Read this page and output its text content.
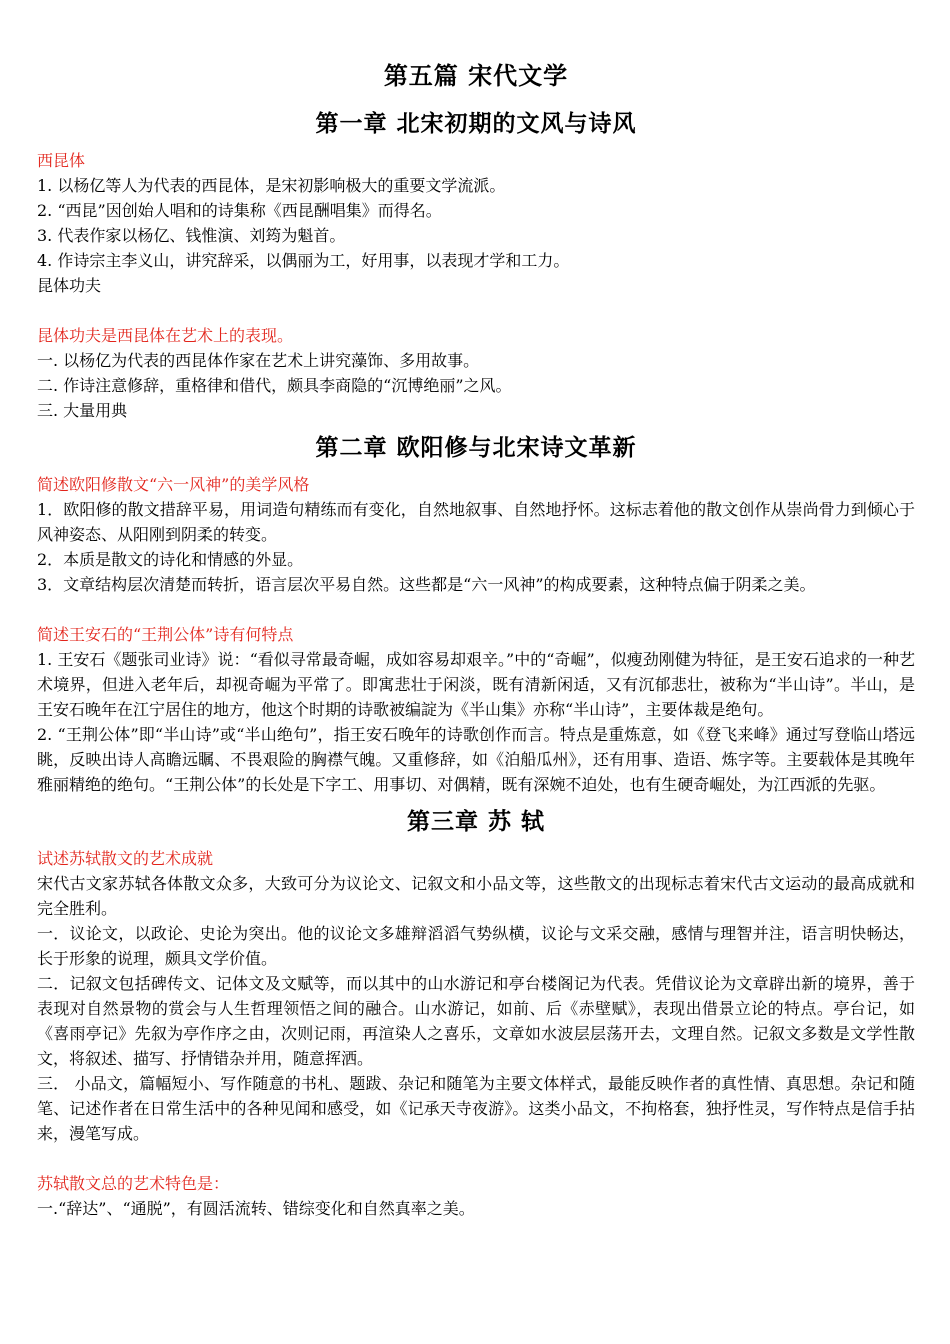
第五篇 宋代文学
第一章 北宋初期的文风与诗风
西昆体
1. 以杨亿等人为代表的西昆体，是宋初影响极大的重要文学流派。
2. “西昆”因创始人唱和的诗集称《西昆酬唱集》而得名。
3. 代表作家以杨亿、钱惟演、刘筠为魁首。
4. 作诗宗主李义山，讲究辞采，以偶丽为工，好用事，以表现才学和工力。
昆体功夫
昆体功夫是西昆体在艺术上的表现。
一. 以杨亿为代表的西昆体作家在艺术上讲究藻饰、多用故事。
二. 作诗注意修辞，重格律和借代，颇具李商隐的“沉博绝丽”之风。
三. 大量用典
第二章 欧阳修与北宋诗文革新
简述欧阳修散文“六一风神”的美学风格
1．欧阳修的散文措辞平易，用词造句精练而有变化，自然地叙事、自然地抒怀。这标志着他的散文创作从崇尚骨力到倾心于风神姿态、从阳刚到阴柔的转变。
2．本质是散文的诗化和情感的外显。
3．文章结构层次清楚而转折，语言层次平易自然。这些都是“六一风神”的构成要素，这种特点偏于阴柔之美。
简述王安石的“王荆公体”诗有何特点
1. 王安石《题张司业诗》说：“看似寻常最奇崛，成如容易却艰辛。”中的“奇崛”，似瘦劲刚健为特征，是王安石追求的一种艺术境界，但进入老年后，却视奇崛为平常了。即寓悲壮于闲淡，既有清新闲适，又有沉郁悲壮，被称为“半山诗”。半山，是王安石晚年在江宁居住的地方，他这个时期的诗歌被编諚为《半山集》亦称“半山诗”，主要体裁是绝句。
2. “王荆公体”即“半山诗”或“半山绝句”，指王安石晚年的诗歌创作而言。特点是重炼意，如《登飞来峰》通过写登临山塔远眺，反映出诗人高瞻远瞩、不畏艰险的胸襟气魄。又重修辞，如《泊船瓜州》，还有用事、造语、炼字等。主要载体是其晚年雅丽精绝的绝句。“王荆公体”的长处是下字工、用事切、对偶精，既有深婉不迫处，也有生硬奇崛处，为江西派的先驱。
第三章 苏 轼
试述苏轼散文的艺术成就
宋代古文家苏轼各体散文众多，大致可分为议论文、记叙文和小品文等，这些散文的出现标志着宋代古文运动的最高成就和完全胜利。
一．议论文，以政论、史论为突出。他的议论文多雄辩滔滔气势纵横，议论与文采交融，感情与理智并注，语言明快畅达，长于形象的说理，颇具文学价值。
二．记叙文包括碑传文、记体文及文赋等，而以其中的山水游记和亭台楼阁记为代表。凭借议论为文章辟出新的境界，善于表现对自然景物的赏会与人生哲理领悟之间的融合。山水游记，如前、后《赤壁赋》，表现出借景立论的特点。亭台记，如《喜雨亭记》先叙为亭作序之由，次则记雨，再渲染人之喜乐，文章如水波层层荡开去，文理自然。记叙文多数是文学性散文，将叙述、描写、抒情错杂并用，随意挥洒。
三． 小品文，篇幅短小、写作随意的书札、题跋、杂记和随笔为主要文体样式，最能反映作者的真性情、真思想。杂记和随笔、记述作者在日常生活中的各种见闻和感受，如《记承天寺夜游》。这类小品文，不拘格套，独抒性灵，写作特点是信手拈来，漫笔写成。
苏轼散文总的艺术特色是：
一.“辞达”、“通脱”，有圆活流转、错综变化和自然真率之美。
